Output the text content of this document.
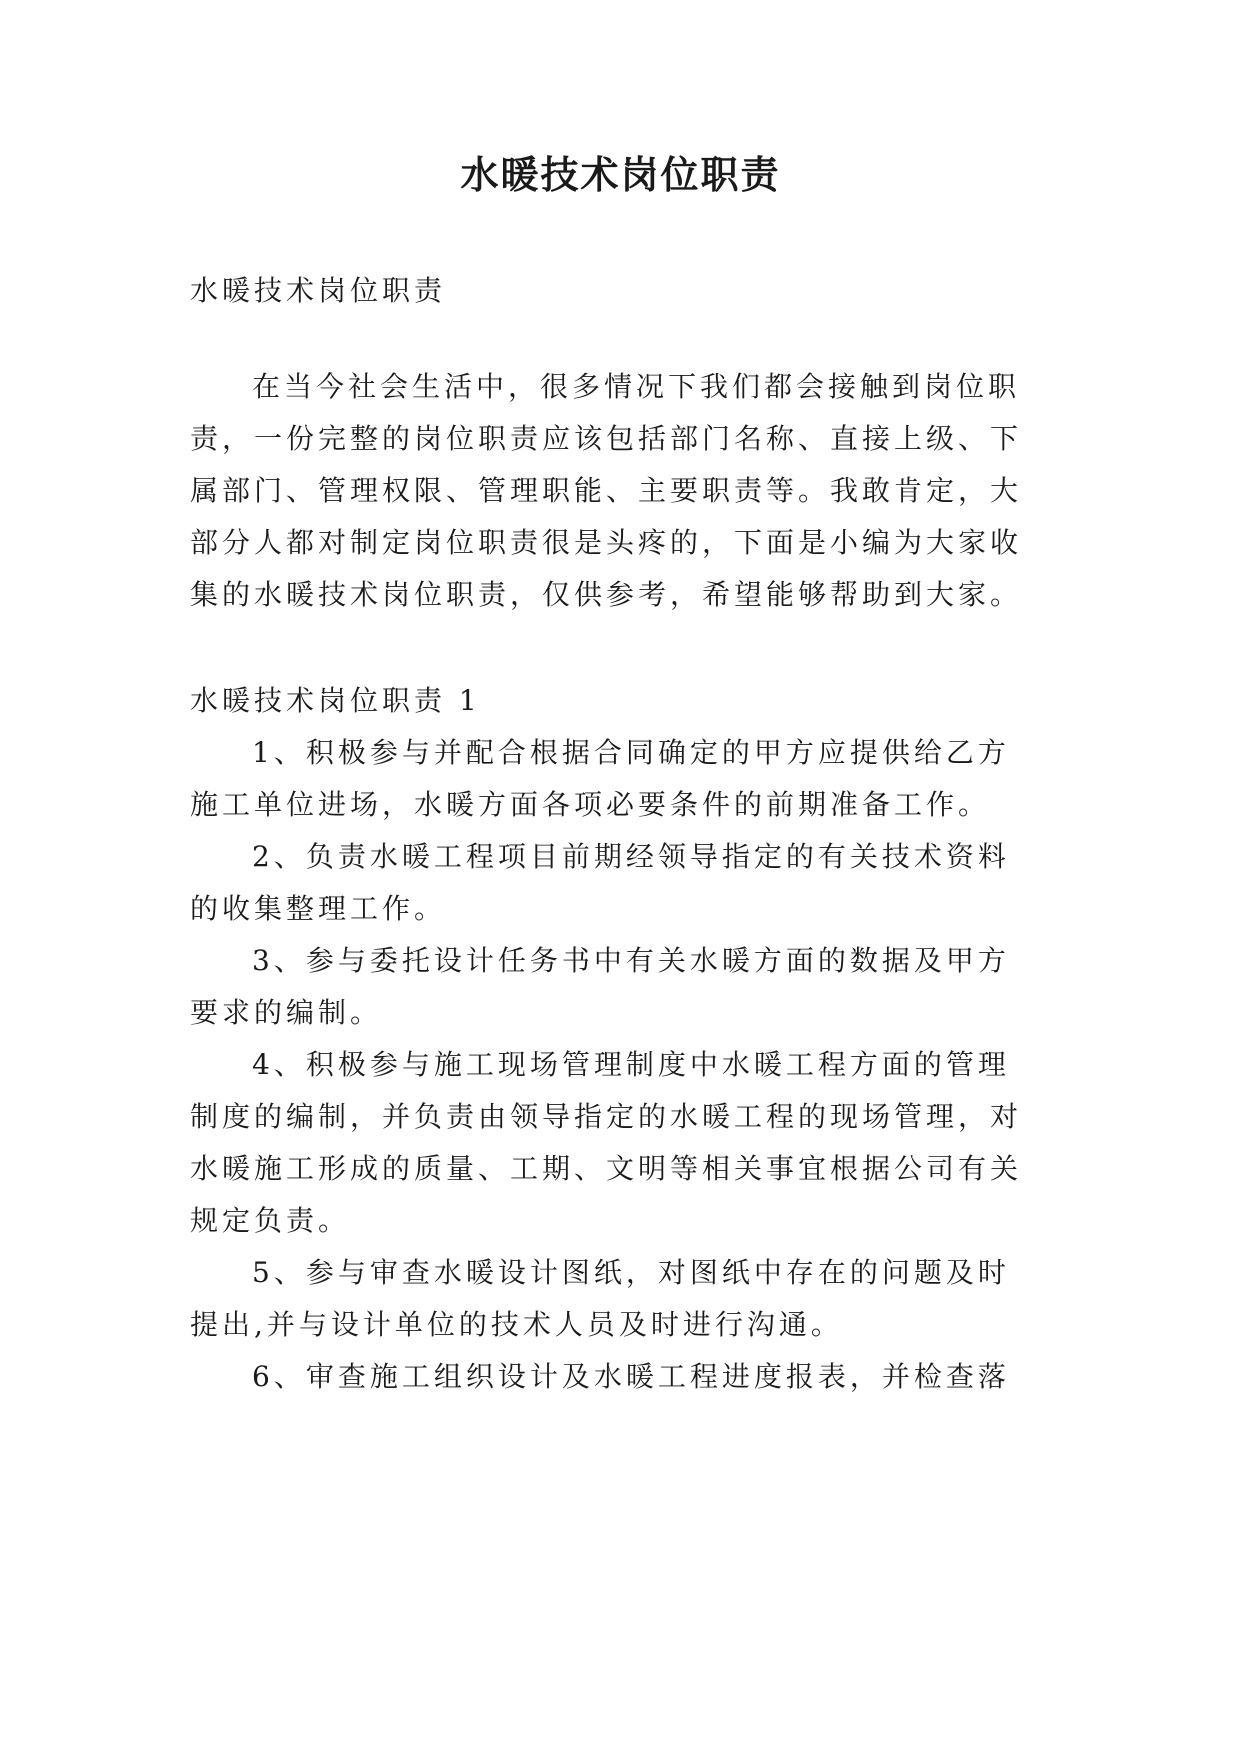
水暖技术岗位职责
水暖技术岗位职责
在当今社会生活中，很多情况下我们都会接触到岗位职
责，一份完整的岗位职责应该包括部门名称、直接上级、下
属部门、管理权限、管理职能、主要职责等。我敢肯定，大
部分人都对制定岗位职责很是头疼的，下面是小编为大家收
集的水暖技术岗位职责，仅供参考，希望能够帮助到大家。
水暖技术岗位职责 1
1、积极参与并配合根据合同确定的甲方应提供给乙方
施工单位进场，水暖方面各项必要条件的前期准备工作。
2、负责水暖工程项目前期经领导指定的有关技术资料
的收集整理工作。
3、参与委托设计任务书中有关水暖方面的数据及甲方
要求的编制。
4、积极参与施工现场管理制度中水暖工程方面的管理
制度的编制，并负责由领导指定的水暖工程的现场管理，对
水暖施工形成的质量、工期、文明等相关事宜根据公司有关
规定负责。
5、参与审查水暖设计图纸，对图纸中存在的问题及时
提出,并与设计单位的技术人员及时进行沟通。
6、审查施工组织设计及水暖工程进度报表，并检查落
